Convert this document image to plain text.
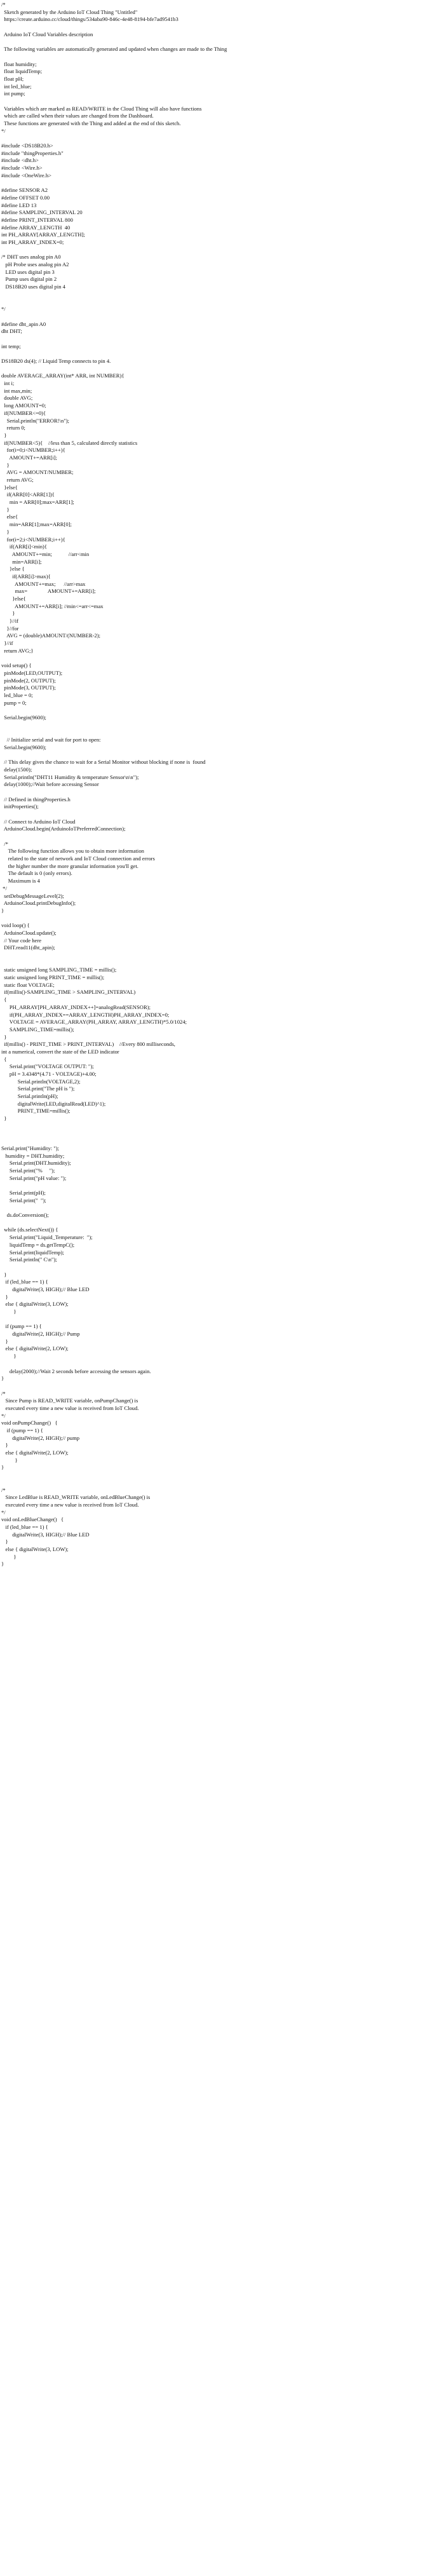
/*
Sketch generated by the Arduino IoT Cloud Thing "Untitled"
https://create.arduino.cc/cloud/things/534aba90-846c-4e48-8194-bfe7ad9541b3
Arduino IoT Cloud Variables description
The following variables are automatically generated and updated when changes are made to the Thing
float humidity;
float liquidTemp;
float pH;
int led_blue;
int pump;
Variables which are marked as READ/WRITE in the Cloud Thing will also have functions
which are called when their values are changed from the Dashboard.
These functions are generated with the Thing and added at the end of this sketch.
*/
#include <DS18B20.h>
#include "thingProperties.h"
#include <dht.h>
#include <Wire.h>
#include <OneWire.h>
#define SENSOR A2
#define OFFSET 0.00
#define LED 13
#define SAMPLING_INTERVAL 20
#define PRINT_INTERVAL 800
#define ARRAY_LENGTH  40
int PH_ARRAY[ARRAY_LENGTH];
int PH_ARRAY_INDEX=0;
/* DHT uses analog pin A0
pH Probe uses analog pin A2
LED uses digital pin 3
Pump uses digital pin 2
DS18B20 uses digital pin 4
*/
#define dht_apin A0
dht DHT;
int temp;
DS18B20 ds(4); // Liquid Temp connects to pin 4.
double AVERAGE_ARRAY(int* ARR, int NUMBER){
int i;
int max,min;
double AVG;
long AMOUNT=0;
if(NUMBER<=0){
Serial.println("ERROR!\n");
return 0;
}
if(NUMBER<5){    //less than 5, calculated directly statistics
for(i=0;i<NUMBER;i++){
AMOUNT+=ARR[i];
}
AVG = AMOUNT/NUMBER;
return AVG;
}else{
if(ARR[0]<ARR[1]){
min = ARR[0];max=ARR[1];
}
else{
min=ARR[1];max=ARR[0];
}
for(i=2;i<NUMBER;i++){
if(ARR[i]<min){
AMOUNT+=min;            //arr<min
min=ARR[i];
}else {
if(ARR[i]>max){
AMOUNT+=max;      //arr>max
max=               AMOUNT+=ARR[i];
}else{
AMOUNT+=ARR[i]; //min<=arr<=max
}
}//if
}//for
AVG = (double)AMOUNT/(NUMBER-2);
}//if
return AVG;}
void setup() {
pinMode(LED,OUTPUT);
pinMode(2, OUTPUT);
pinMode(3, OUTPUT);
led_blue = 0;
pump = 0;
Serial.begin(9600);
// Initialize serial and wait for port to open:
Serial.begin(9600);
// This delay gives the chance to wait for a Serial Monitor without blocking if none is  found
delay(1500);
Serial.println("DHT11 Humidity & temperature Sensor\n\n");
delay(1000);//Wait before accessing Sensor
// Defined in thingProperties.h
initProperties();
// Connect to Arduino IoT Cloud
ArduinoCloud.begin(ArduinoIoTPreferredConnection);
/*
The following function allows you to obtain more information
related to the state of network and IoT Cloud connection and errors
the higher number the more granular information you'll get.
The default is 0 (only errors).
Maximum is 4
*/
setDebugMessageLevel(2);
ArduinoCloud.printDebugInfo();
}
void loop() {
ArduinoCloud.update();
// Your code here
DHT.read11(dht_apin);
static unsigned long SAMPLING_TIME = millis();
static unsigned long PRINT_TIME = millis();
static float VOLTAGE;
if(millis()-SAMPLING_TIME > SAMPLING_INTERVAL)
{
PH_ARRAY[PH_ARRAY_INDEX++]=analogRead(SENSOR);
if(PH_ARRAY_INDEX==ARRAY_LENGTH)PH_ARRAY_INDEX=0;
VOLTAGE = AVERAGE_ARRAY(PH_ARRAY, ARRAY_LENGTH)*5.0/1024;
SAMPLING_TIME=millis();
}
if(millis() - PRINT_TIME > PRINT_INTERVAL)    //Every 800 milliseconds,
int a numerical, convert the state of the LED indicator
{
Serial.print("VOLTAGE OUTPUT: ");
pH = 3.4348*(4.71 - VOLTAGE)+4.00;
Serial.println(VOLTAGE,2);
Serial.print("The pH is ");
Serial.println(pH);
digitalWrite(LED,digitalRead(LED)^1);
PRINT_TIME=millis();
}
Serial.print("Humidity: ");
humidity = DHT.humidity;
Serial.print(DHT.humidity);
Serial.print("%     ");
Serial.print("pH value: ");
Serial.print(pH);
Serial.print("  ");
ds.doConversion();
while (ds.selectNext()) {
Serial.print("Liquid_Temperature:  ");
liquidTemp = ds.getTempC();
Serial.print(liquidTemp);
Serial.println(" C\n");
}
if (led_blue == 1) {
digitalWrite(3, HIGH);// Blue LED
}
else { digitalWrite(3, LOW);
}
if (pump == 1) {
digitalWrite(2, HIGH);// Pump
}
else { digitalWrite(2, LOW);
}
delay(2000);//Wait 2 seconds before accessing the sensors again.
}
/*
Since Pump is READ_WRITE variable, onPumpChange() is
executed every time a new value is received from IoT Cloud.
*/
void onPumpChange()   {
if (pump == 1) {
digitalWrite(2, HIGH);// pump
}
else { digitalWrite(2, LOW);
}
}
/*
Since LedBlue is READ_WRITE variable, onLedBlueChange() is
executed every time a new value is received from IoT Cloud.
*/
void onLedBlueChange()   {
if (led_blue == 1) {
digitalWrite(3, HIGH);// Blue LED
}
else { digitalWrite(3, LOW);
}
}
